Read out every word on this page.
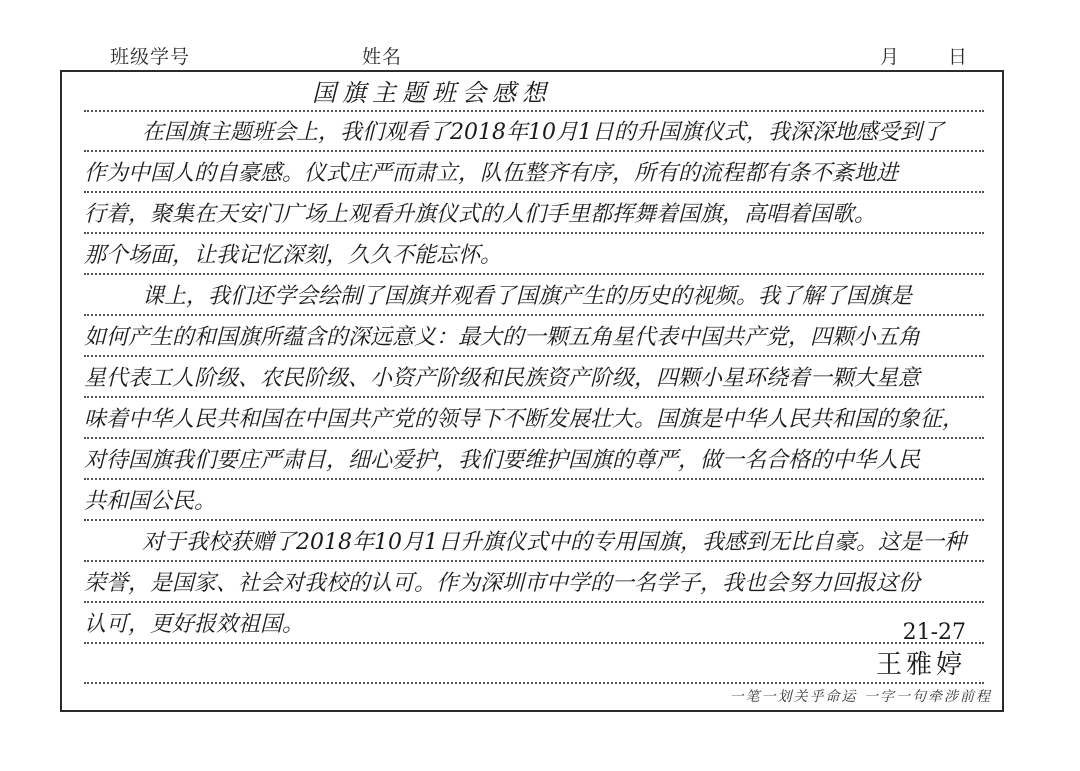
班级学号	姓名	月	日
国旗主题班会感想
在国旗主题班会上，我们观看了2018年10月1日的升国旗仪式，我深深地感受到了
作为中国人的自豪感。仪式庄严而肃立，队伍整齐有序，所有的流程都有条不紊地进
行着，聚集在天安门广场上观看升旗仪式的人们手里都挥舞着国旗，高唱着国歌。
那个场面，让我记忆深刻，久久不能忘怀。
课上，我们还学会绘制了国旗并观看了国旗产生的历史的视频。我了解了国旗是
如何产生的和国旗所蕴含的深远意义：最大的一颗五角星代表中国共产党，四颗小五角
星代表工人阶级、农民阶级、小资产阶级和民族资产阶级，四颗小星环绕着一颗大星意
味着中华人民共和国在中国共产党的领导下不断发展壮大。国旗是中华人民共和国的象征，
对待国旗我们要庄严肃目，细心爱护，我们要维护国旗的尊严，做一名合格的中华人民
共和国公民。
对于我校获赠了2018年10月1日升旗仪式中的专用国旗，我感到无比自豪。这是一种
荣誉，是国家、社会对我校的认可。作为深圳市中学的一名学子，我也会努力回报这份
认可，更好报效祖国。	21-27
王雅婷
一笔一划关乎命运 一字一句牵涉前程
